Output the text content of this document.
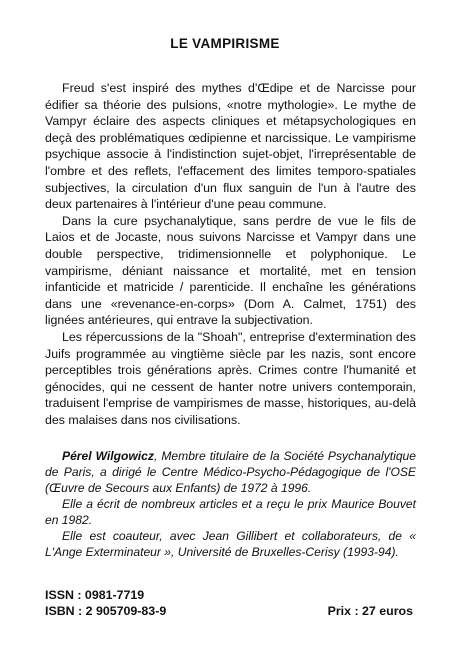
LE VAMPIRISME

Freud s'est inspiré des mythes d'Œdipe et de Narcisse pour édifier sa théorie des pulsions, «notre mythologie». Le mythe de Vampyr éclaire des aspects cliniques et métapsychologiques en deçà des problématiques œdipienne et narcissique. Le vampirisme psychique associe à l'indistinction sujet-objet, l'irreprésentable de l'ombre et des reflets, l'effacement des limites temporo-spatiales subjectives, la circulation d'un flux sanguin de l'un à l'autre des deux partenaires à l'intérieur d'une peau commune.

Dans la cure psychanalytique, sans perdre de vue le fils de Laios et de Jocaste, nous suivons Narcisse et Vampyr dans une double perspective, tridimensionnelle et polyphonique. Le vampirisme, déniant naissance et mortalité, met en tension infanticide et matricide / parenticide. Il enchaîne les générations dans une «revenance-en-corps» (Dom A. Calmet, 1751) des lignées antérieures, qui entrave la subjectivation.

Les répercussions de la "Shoah", entreprise d'extermination des Juifs programmée au vingtième siècle par les nazis, sont encore perceptibles trois générations après. Crimes contre l'humanité et génocides, qui ne cessent de hanter notre univers contemporain, traduisent l'emprise de vampirismes de masse, historiques, au-delà des malaises dans nos civilisations.

Pérel Wilgowicz, Membre titulaire de la Société Psychanalytique de Paris, a dirigé le Centre Médico-Psycho-Pédagogique de l'OSE (Œuvre de Secours aux Enfants) de 1972 à 1996.

Elle a écrit de nombreux articles et a reçu le prix Maurice Bouvet en 1982.

Elle est coauteur, avec Jean Gillibert et collaborateurs, de « L'Ange Exterminateur », Université de Bruxelles-Cerisy (1993-94).

ISSN : 0981-7719
ISBN : 2 905709-83-9	Prix : 27 euros
